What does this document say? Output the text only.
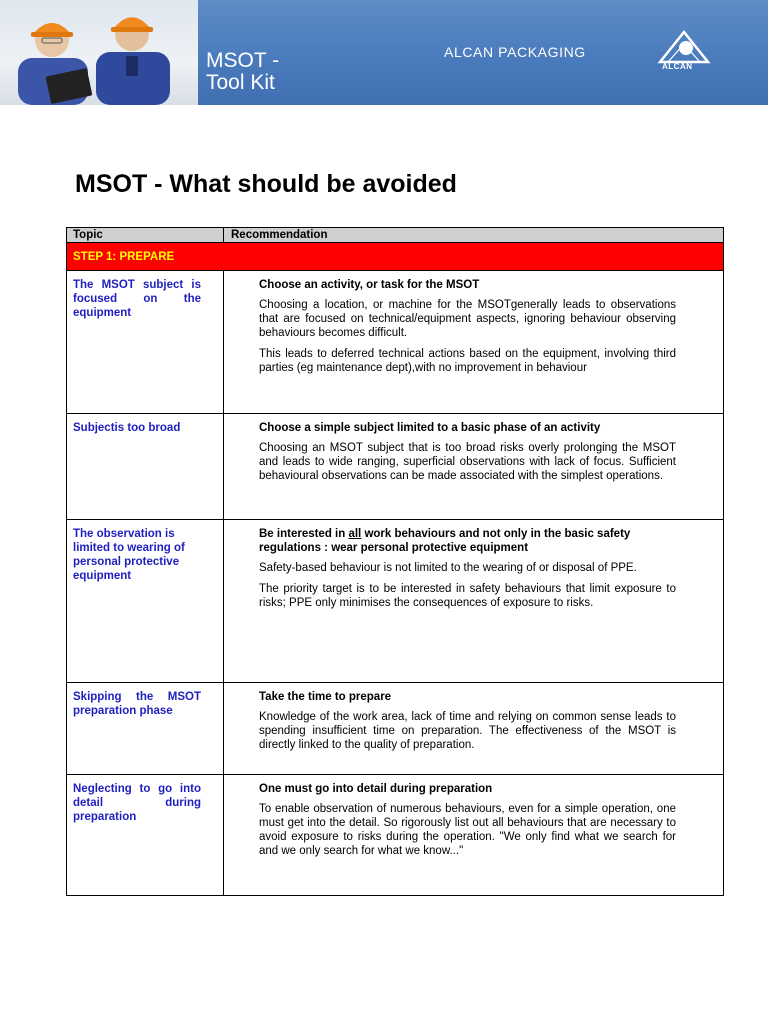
MSOT -
Tool Kit
ALCAN PACKAGING
ALCAN
MSOT - What should be avoided
Topic	Recommendation
STEP 1: PREPARE
The MSOT subject is focused on the equipment
Choose an activity, or task for the MSOT
Choosing a location, or machine for the MSOTgenerally leads to observations that are focused on technical/equipment aspects, ignoring behaviour observing behaviours becomes difficult.
This leads to deferred technical actions based on the equipment, involving third parties (eg maintenance dept),with no improvement in behaviour
Subjectis too broad	Choose a simple subject limited to a basic phase of an activity
Choosing an MSOT subject that is too broad risks overly prolonging the MSOT and leads to wide ranging, superficial observations with lack of focus. Sufficient behavioural observations can be made associated with the simplest operations.
The observation is limited to wearing of personal protective equipment
Be interested in all work behaviours and not only in the basic safety regulations : wear personal protective equipment
Safety-based behaviour is not limited to the wearing of or disposal of PPE.
The priority target is to be interested in safety behaviours that limit exposure to risks; PPE only minimises the consequences of exposure to risks.
Skipping the MSOT preparation phase
Take the time to prepare
Knowledge of the work area, lack of time and relying on common sense leads to spending insufficient time on preparation. The effectiveness of the MSOT is directly linked to the quality of preparation.
Neglecting to go into detail during preparation
One must go into detail during preparation
To enable observation of numerous behaviours, even for a simple operation, one must get into the detail. So rigorously list out all behaviours that are necessary to avoid exposure to risks during the operation. "We only find what we search for and we only search for what we know..."
